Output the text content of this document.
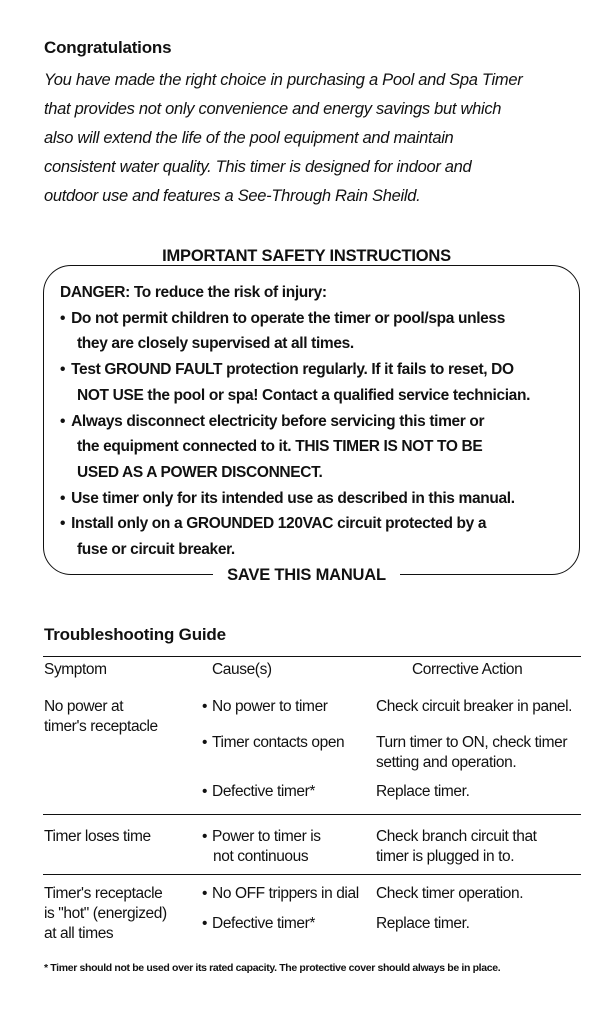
Congratulations
You have made the right choice in purchasing a Pool and Spa Timer
that provides not only convenience and energy savings but which
also will extend the life of the pool equipment and maintain
consistent water quality. This timer is designed for indoor and
outdoor use and features a See-Through Rain Sheild.
IMPORTANT SAFETY INSTRUCTIONS
DANGER: To reduce the risk of injury:
• Do not permit children to operate the timer or pool/spa unless
they are closely supervised at all times.
• Test GROUND FAULT protection regularly. If it fails to reset, DO
NOT USE the pool or spa! Contact a qualified service technician.
• Always disconnect electricity before servicing this timer or
the equipment connected to it. THIS TIMER IS NOT TO BE
USED AS A POWER DISCONNECT.
• Use timer only for its intended use as described in this manual.
• Install only on a GROUNDED 120VAC circuit protected by a
fuse or circuit breaker.
SAVE THIS MANUAL
Troubleshooting Guide
Symptom	Cause(s)	Corrective Action
No power at
timer's receptacle
• No power to timer	Check circuit breaker in panel.
• Timer contacts open Turn timer to ON, check timer
setting and operation.
• Defective timer*	Replace timer.
Timer loses time
•	Power to timer is
not continuous
Check branch circuit that
timer is plugged in to.
Timer's receptacle
is "hot" (energized)
at all times
• No OFF trippers in dial Check timer operation.
• Defective timer*	Replace timer.
* Timer should not be used over its rated capacity. The protective cover should always be in place.
